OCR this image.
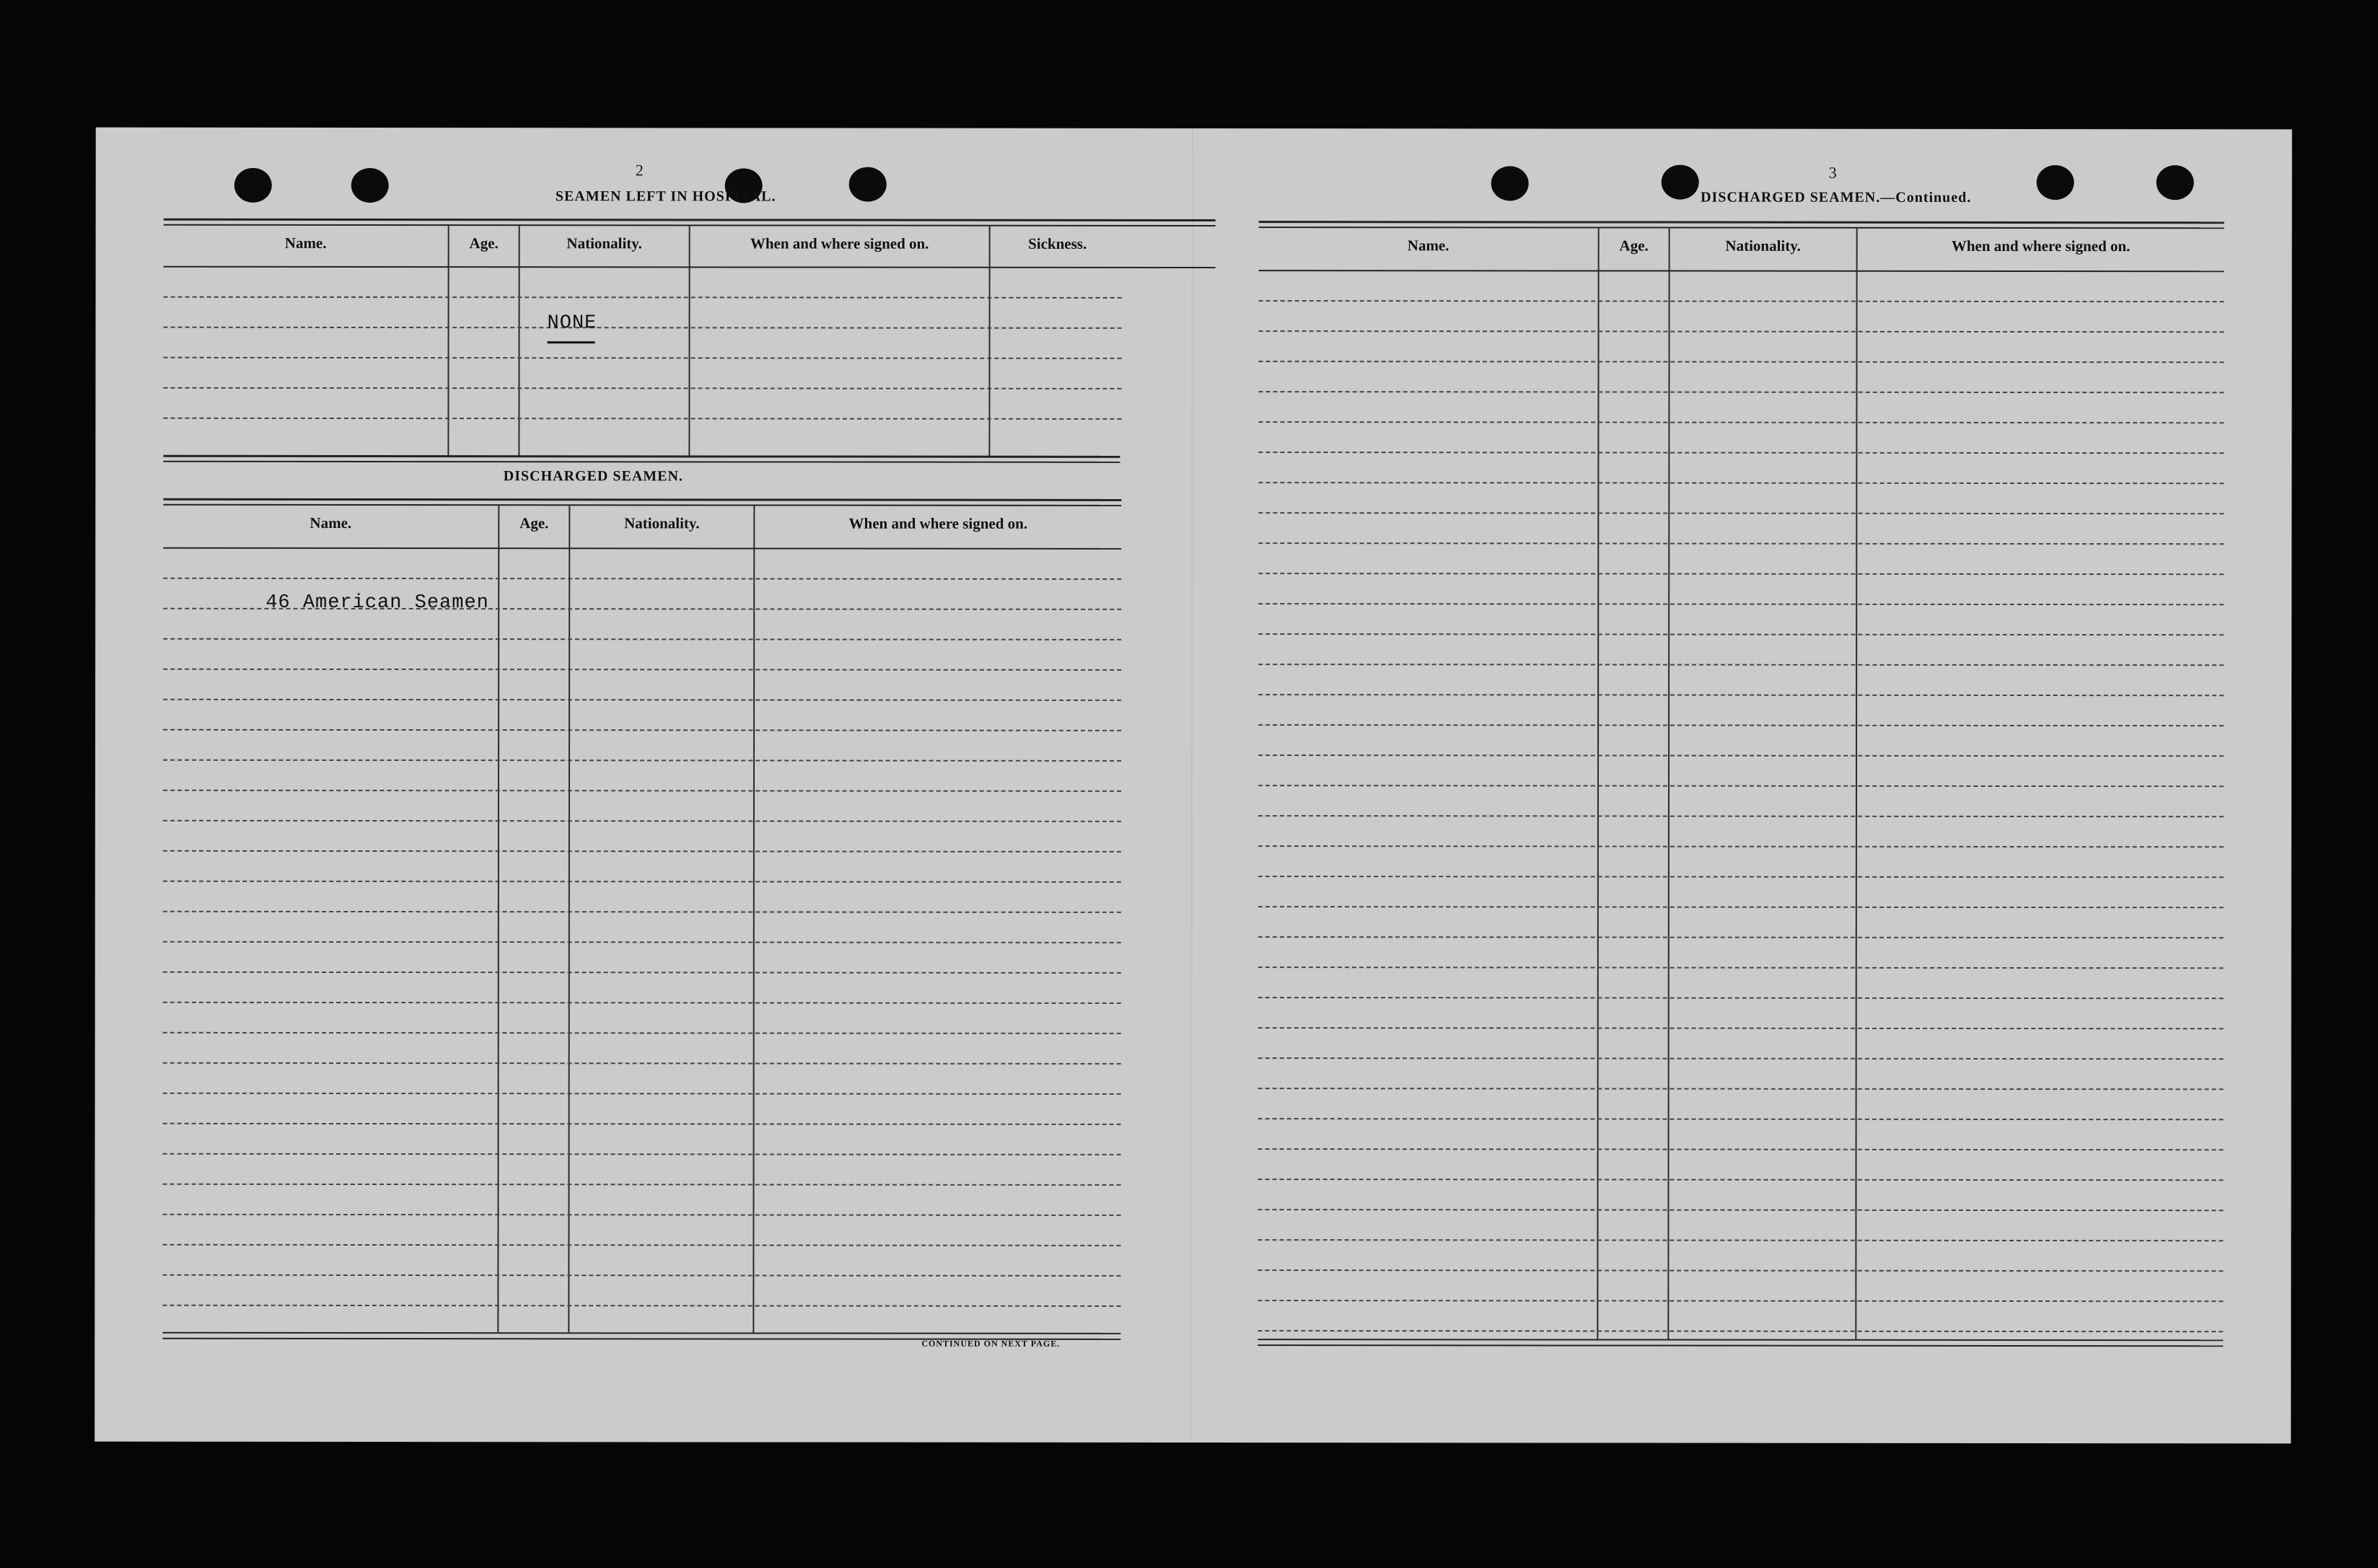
2
SEAMEN LEFT IN HOSPITAL.
Name.	Age.	Nationality.	When and where signed on.	Sickness.
NONE
DISCHARGED SEAMEN.
Name.	Age.	Nationality.	When and where signed on.
46 American Seamen
CONTINUED ON NEXT PAGE.
3
DISCHARGED SEAMEN.—Continued.
Name.	Age.	Nationality.	When and where signed on.
